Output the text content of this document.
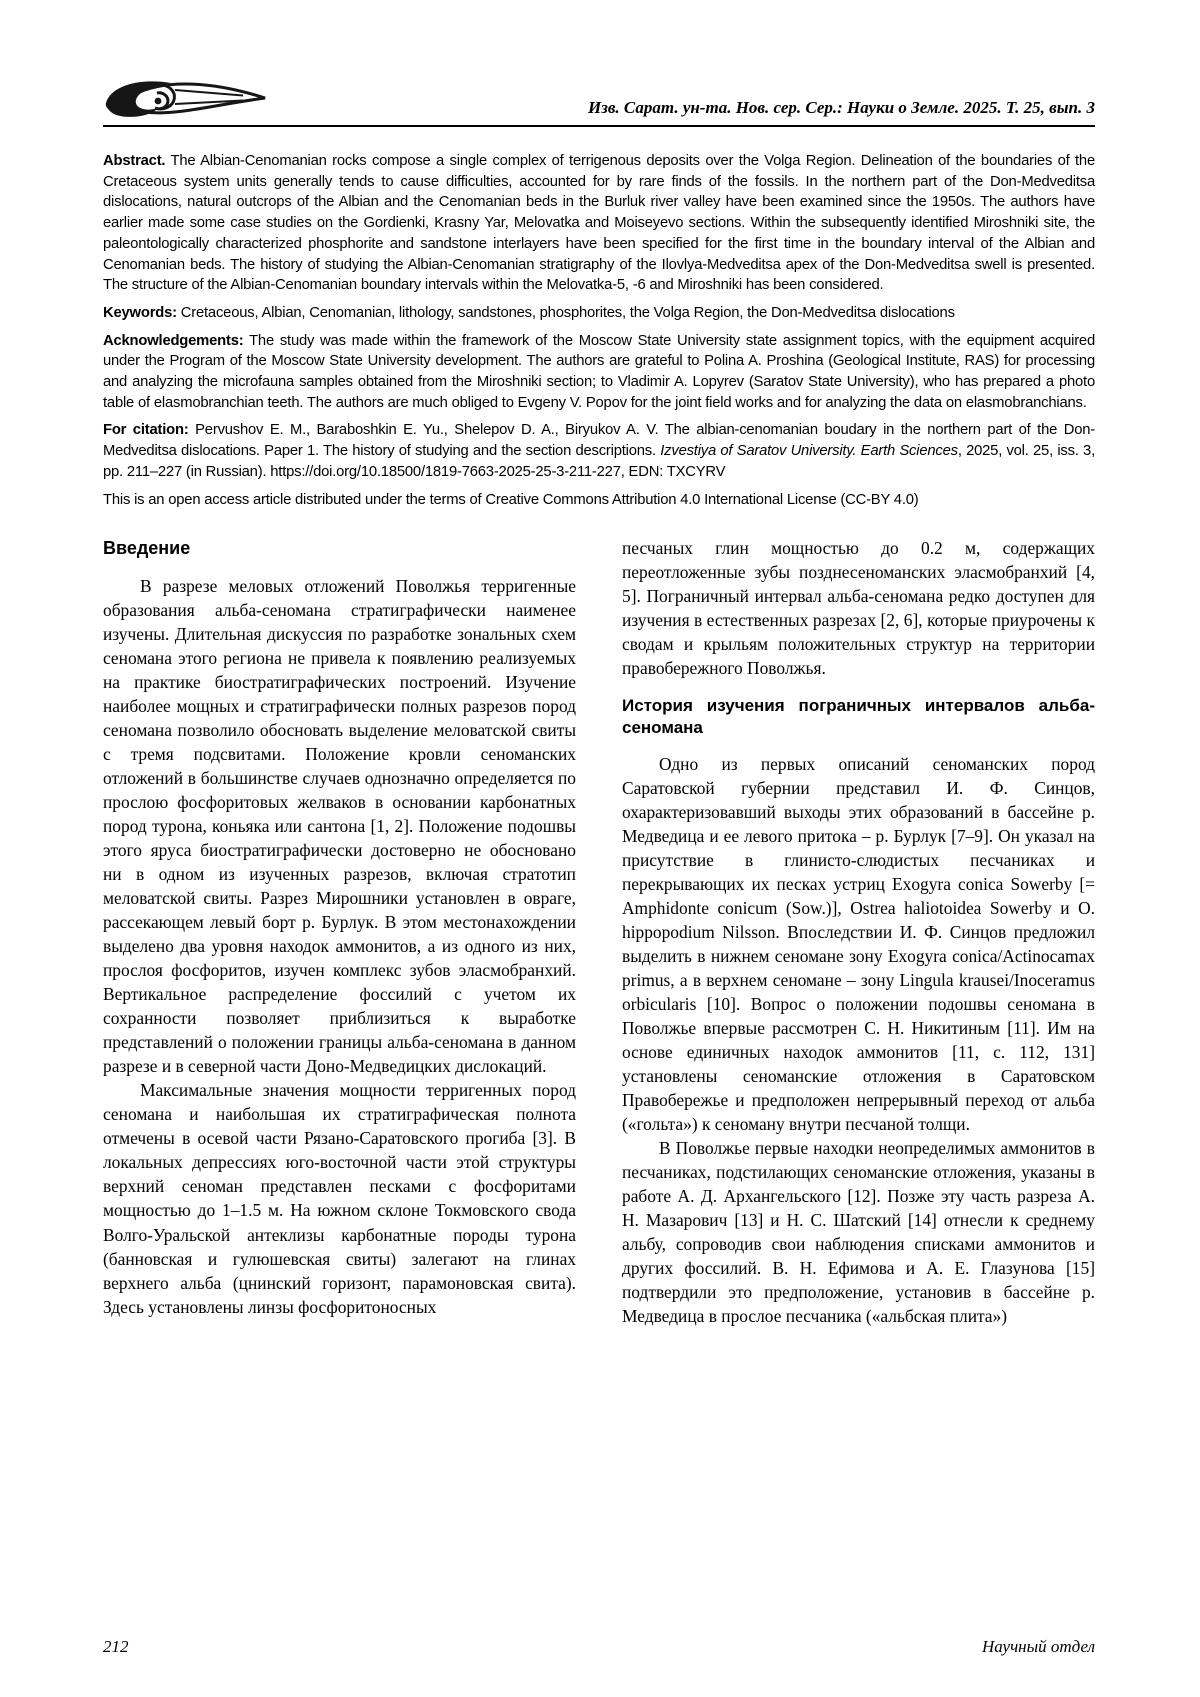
Изв. Сарат. ун-та. Нов. сер. Сер.: Науки о Земле. 2025. Т. 25, вып. 3

Abstract. The Albian-Cenomanian rocks compose a single complex of terrigenous deposits over the Volga Region. Delineation of the boundaries of the Cretaceous system units generally tends to cause difficulties, accounted for by rare finds of the fossils. In the northern part of the Don-Medveditsa dislocations, natural outcrops of the Albian and the Cenomanian beds in the Burluk river valley have been examined since the 1950s. The authors have earlier made some case studies on the Gordienki, Krasny Yar, Melovatka and Moiseyevo sections. Within the subsequently identified Miroshniki site, the paleontologically characterized phosphorite and sandstone interlayers have been specified for the first time in the boundary interval of the Albian and Cenomanian beds. The history of studying the Albian-Cenomanian stratigraphy of the Ilovlya-Medveditsa apex of the Don-Medveditsa swell is presented. The structure of the Albian-Cenomanian boundary intervals within the Melovatka-5, -6 and Miroshniki has been considered.

Keywords: Cretaceous, Albian, Cenomanian, lithology, sandstones, phosphorites, the Volga Region, the Don-Medveditsa dislocations

Acknowledgements: The study was made within the framework of the Moscow State University state assignment topics, with the equipment acquired under the Program of the Moscow State University development. The authors are grateful to Polina A. Proshina (Geological Institute, RAS) for processing and analyzing the microfauna samples obtained from the Miroshniki section; to Vladimir A. Lopyrev (Saratov State University), who has prepared a photo table of elasmobranchian teeth. The authors are much obliged to Evgeny V. Popov for the joint field works and for analyzing the data on elasmobranchians.

For citation: Pervushov E. M., Baraboshkin E. Yu., Shelepov D. A., Biryukov A. V. The albian-cenomanian boudary in the northern part of the Don-Medveditsa dislocations. Paper 1. The history of studying and the section descriptions. Izvestiya of Saratov University. Earth Sciences, 2025, vol. 25, iss. 3, pp. 211–227 (in Russian). https://doi.org/10.18500/1819-7663-2025-25-3-211-227, EDN: TXCYRV

This is an open access article distributed under the terms of Creative Commons Attribution 4.0 International License (CC-BY 4.0)

Введение

В разрезе меловых отложений Поволжья терригенные образования альба-сеномана стратиграфически наименее изучены. Длительная дискуссия по разработке зональных схем сеномана этого региона не привела к появлению реализуемых на практике биостратиграфических построений. Изучение наиболее мощных и стратиграфически полных разрезов пород сеномана позволило обосновать выделение меловатской свиты с тремя подсвитами. Положение кровли сеноманских отложений в большинстве случаев однозначно определяется по прослою фосфоритовых желваков в основании карбонатных пород турона, коньяка или сантона [1, 2]. Положение подошвы этого яруса биостратиграфически достоверно не обосновано ни в одном из изученных разрезов, включая стратотип меловатской свиты. Разрез Мирошники установлен в овраге, рассекающем левый борт р. Бурлук. В этом местонахождении выделено два уровня находок аммонитов, а из одного из них, прослоя фосфоритов, изучен комплекс зубов эласмобранхий. Вертикальное распределение фоссилий с учетом их сохранности позволяет приблизиться к выработке представлений о положении границы альба-сеномана в данном разрезе и в северной части Доно-Медведицких дислокаций.

Максимальные значения мощности терригенных пород сеномана и наибольшая их стратиграфическая полнота отмечены в осевой части Рязано-Саратовского прогиба [3]. В локальных депрессиях юго-восточной части этой структуры верхний сеноман представлен песками с фосфоритами мощностью до 1–1.5 м. На южном склоне Токмовского свода Волго-Уральской антеклизы карбонатные породы турона (банновская и гулюшевская свиты) залегают на глинах верхнего альба (цнинский горизонт, парамоновская свита). Здесь установлены линзы фосфоритоносных

песчаных глин мощностью до 0.2 м, содержащих переотложенные зубы позднесеноманских эласмобранхий [4, 5]. Пограничный интервал альба-сеномана редко доступен для изучения в естественных разрезах [2, 6], которые приурочены к сводам и крыльям положительных структур на территории правобережного Поволжья.

История изучения пограничных интервалов альба-сеномана

Одно из первых описаний сеноманских пород Саратовской губернии представил И. Ф. Синцов, охарактеризовавший выходы этих образований в бассейне р. Медведица и ее левого притока – р. Бурлук [7–9]. Он указал на присутствие в глинисто-слюдистых песчаниках и перекрывающих их песках устриц Exogyra conica Sowerby [= Amphidonte conicum (Sow.)], Ostrea haliotoidea Sowerby и O. hippopodium Nilsson. Впоследствии И. Ф. Синцов предложил выделить в нижнем сеномане зону Exogyra conica/Actinocamax primus, а в верхнем сеномане – зону Lingula krausei/Inoceramus orbicularis [10]. Вопрос о положении подошвы сеномана в Поволжье впервые рассмотрен С. Н. Никитиным [11]. Им на основе единичных находок аммонитов [11, с. 112, 131] установлены сеноманские отложения в Саратовском Правобережье и предположен непрерывный переход от альба («гольта») к сеноману внутри песчаной толщи.

В Поволжье первые находки неопределимых аммонитов в песчаниках, подстилающих сеноманские отложения, указаны в работе А. Д. Архангельского [12]. Позже эту часть разреза А. Н. Мазарович [13] и Н. С. Шатский [14] отнесли к среднему альбу, сопроводив свои наблюдения списками аммонитов и других фоссилий. В. Н. Ефимова и А. Е. Глазунова [15] подтвердили это предположение, установив в бассейне р. Медведица в прослое песчаника («альбская плита»)

212	Научный отдел
